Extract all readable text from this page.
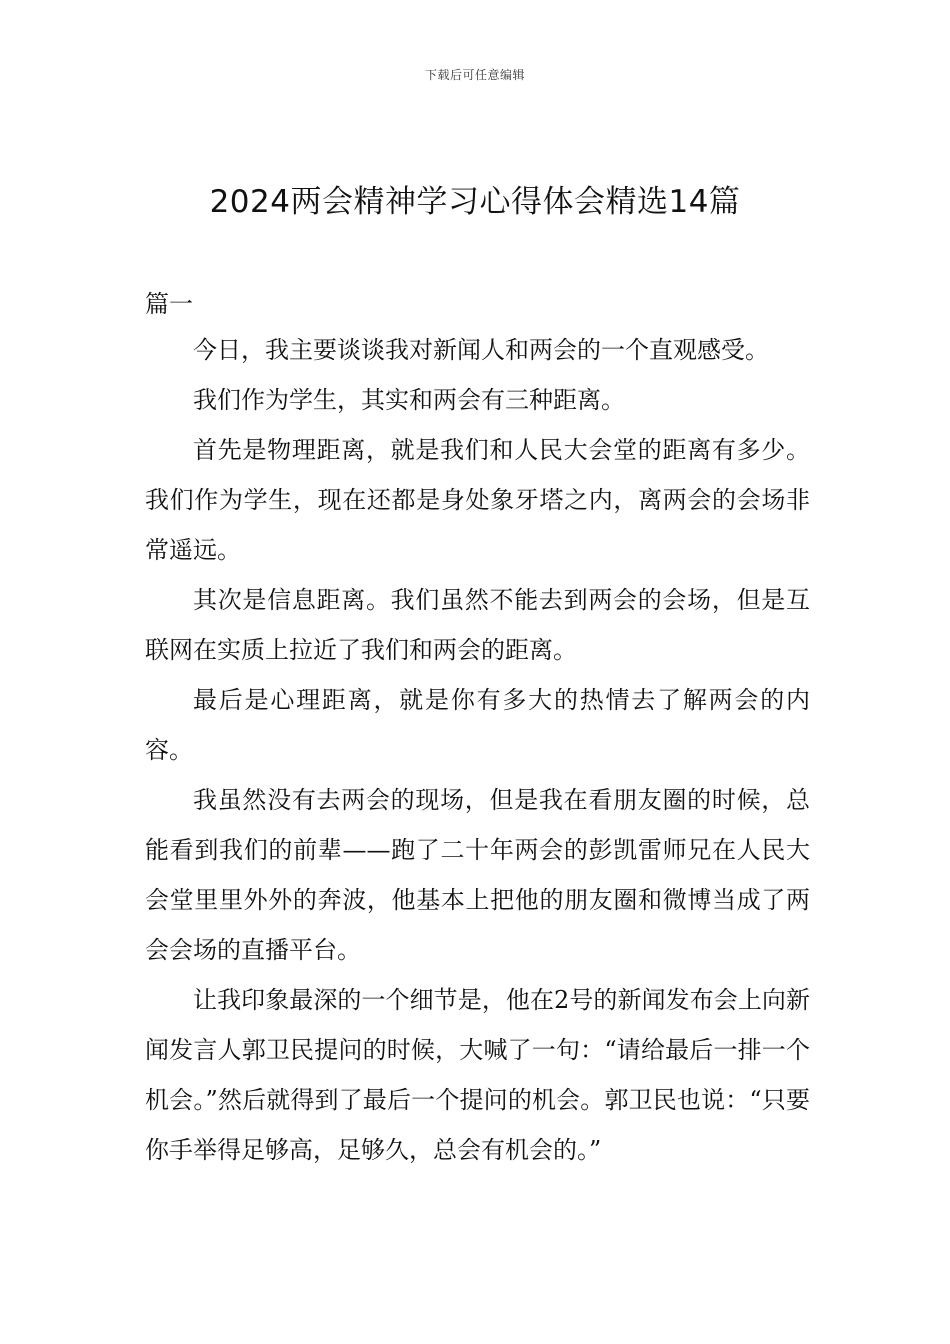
下载后可任意编辑
2024两会精神学习心得体会精选14篇
篇一

今日，我主要谈谈我对新闻人和两会的一个直观感受。

我们作为学生，其实和两会有三种距离。

首先是物理距离，就是我们和人民大会堂的距离有多少。我们作为学生，现在还都是身处象牙塔之内，离两会的会场非常遥远。

其次是信息距离。我们虽然不能去到两会的会场，但是互联网在实质上拉近了我们和两会的距离。

最后是心理距离，就是你有多大的热情去了解两会的内容。

我虽然没有去两会的现场，但是我在看朋友圈的时候，总能看到我们的前辈——跑了二十年两会的彭凯雷师兄在人民大会堂里里外外的奔波，他基本上把他的朋友圈和微博当成了两会会场的直播平台。

让我印象最深的一个细节是，他在2号的新闻发布会上向新闻发言人郭卫民提问的时候，大喊了一句：“请给最后一排一个机会。”然后就得到了最后一个提问的机会。郭卫民也说：“只要你手举得足够高，足够久，总会有机会的。”
